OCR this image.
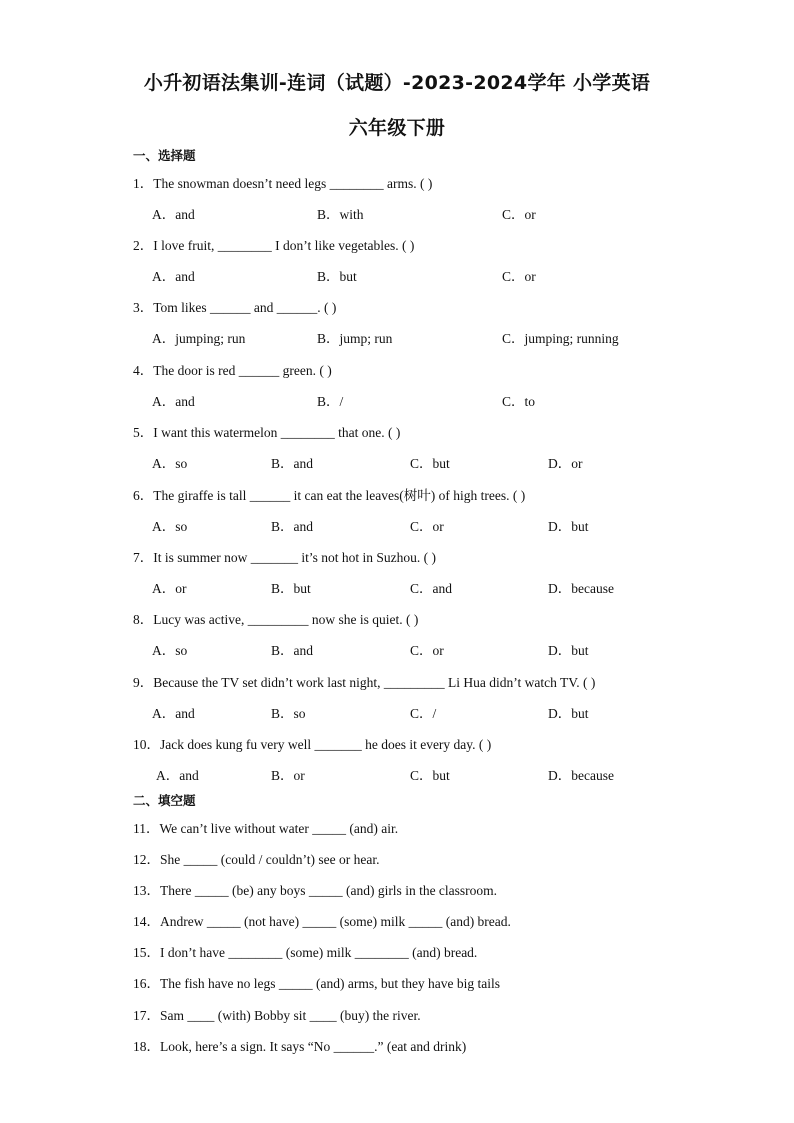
小升初语法集训-连词（试题）-2023-2024学年 小学英语
六年级下册
一、选择题
1．The snowman doesn’t need legs ________ arms. ( )
A．and	B．with	C．or
2．I love fruit, ________ I don’t like vegetables. ( )
A．and	B．but	C．or
3．Tom likes ______ and ______. ( )
A．jumping; run	B．jump; run	C．jumping; running
4．The door is red ______ green. ( )
A．and	B．/	C．to
5．I want this watermelon ________ that one. ( )
A．so	B．and	C．but	D．or
6．The giraffe is tall ______ it can eat the leaves(树叶) of high trees. ( )
A．so	B．and	C．or	D．but
7．It is summer now _______ it’s not hot in Suzhou. ( )
A．or	B．but	C．and	D．because
8．Lucy was active, _________ now she is quiet. ( )
A．so	B．and	C．or	D．but
9．Because the TV set didn’t work last night, _________ Li Hua didn’t watch TV. ( )
A．and	B．so	C．/	D．but
10．Jack does kung fu very well _______ he does it every day. ( )
A．and	B．or	C．but	D．because
二、填空题
11．We can’t live without water _____ (and) air.
12．She _____ (could / couldn’t) see or hear.
13．There _____ (be) any boys _____ (and) girls in the classroom.
14．Andrew _____ (not have) _____ (some) milk _____ (and) bread.
15．I don’t have ________ (some) milk ________ (and) bread.
16．The fish have no legs _____ (and) arms, but they have big tails
17．Sam ____ (with) Bobby sit ____ (buy) the river.
18．Look, here’s a sign. It says “No ______.” (eat and drink)
